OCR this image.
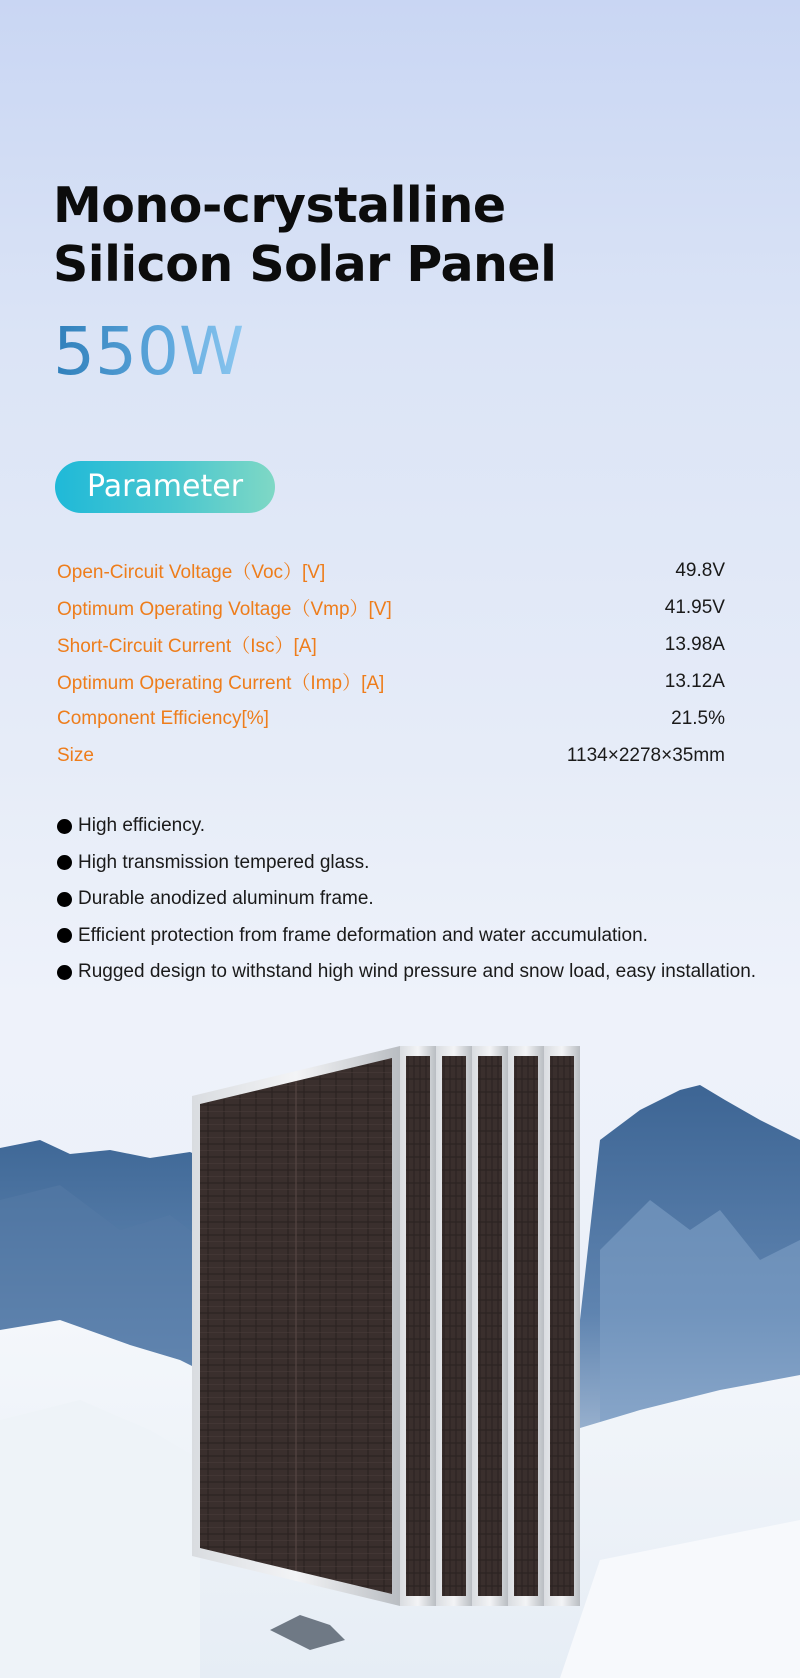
Mono-crystalline
Silicon Solar Panel
550W
Parameter
Open-Circuit Voltage（Voc）[V]	49.8V
Optimum Operating Voltage（Vmp）[V]	41.95V
Short-Circuit Current（Isc）[A]	13.98A
Optimum Operating Current（Imp）[A]	13.12A
Component Efficiency[%]	21.5%
Size	1134×2278×35mm
High efficiency.
High transmission tempered glass.
Durable anodized aluminum frame.
Efficient protection from frame deformation and water accumulation.
Rugged design to withstand high wind pressure and snow load, easy installation.
